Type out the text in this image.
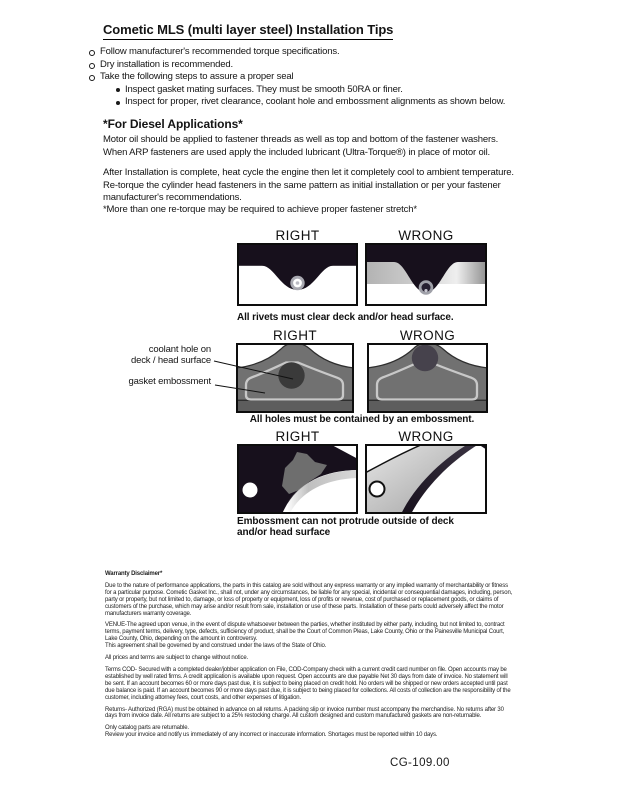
Cometic MLS (multi layer steel) Installation Tips
Follow manufacturer's recommended torque specifications.
Dry installation is recommended.
Take the following steps to assure a proper seal
Inspect gasket mating surfaces. They must be smooth 50RA or finer.
Inspect for proper, rivet clearance, coolant hole and embossment alignments as shown below.
*For Diesel Applications*
Motor oil should be applied to fastener threads as well as top and bottom of the fastener washers. When ARP fasteners are used apply the included lubricant (Ultra-Torque®) in place of motor oil.
After Installation is complete, heat cycle the engine then let it completely cool to ambient temperature. Re-torque the cylinder head fasteners in the same pattern as initial installation or per your fastener manufacturer's recommendations.
*More than one re-torque may be required to achieve proper fastener stretch*
RIGHT	WRONG
All rivets must clear deck and/or head surface.
RIGHT	WRONG
All holes must be contained by an embossment.
coolant hole on
deck / head surface
gasket embossment
RIGHT	WRONG
Embossment can not protrude outside of deck
and/or head surface
Warranty Disclaimer*

Due to the nature of performance applications, the parts in this catalog are sold without any express warranty or any implied warranty of merchantability or fitness for a particular purpose. Cometic Gasket Inc., shall not, under any circumstances, be liable for any special, incidental or consequential damages, including, person, party or property, but not limited to, damage, or loss of property or equipment, loss of profits or revenue, cost of purchased or replacement goods, or claims of customers of the purchase, which may arise and/or result from sale, installation or use of these parts. Installation of these parts could adversely affect the motor manufacturers warranty coverage.

VENUE-The agreed upon venue, in the event of dispute whatsoever between the parties, whether instituted by either party, including, but not limited to, contract terms, payment terms, delivery, type, defects, sufficiency of product, shall be the Court of Common Pleas, Lake County, Ohio or the Painesville Municipal Court, Lake County, Ohio, depending on the amount in controversy.

This agreement shall be governed by and construed under the laws of the State of Ohio.

All prices and terms are subject to change without notice.

Terms COD- Secured with a completed dealer/jobber application on File, COD-Company check with a current credit card number on file. Open accounts may be established by well rated firms. A credit application is available upon request. Open accounts are due payable Net 30 days from date of invoice. No statement will be sent. If an account becomes 60 or more days past due, it is subject to being placed on credit hold. No orders will be shipped or new orders accepted until past due balance is paid. If an account becomes 90 or more days past due, it is subject to being placed for collections. All costs of collection are the responsibility of the customer, including attorney fees, court costs, and other expenses of litigation.

Returns- Authorized (RGA) must be obtained in advance on all returns. A packing slip or invoice number must accompany the merchandise. No returns after 30 days from invoice date. All returns are subject to a 25% restocking charge. All custom designed and custom manufactured gaskets are non-returnable.

Only catalog parts are returnable.

Review your invoice and notify us immediately of any incorrect or inaccurate information. Shortages must be reported within 10 days.

CG-109.00
